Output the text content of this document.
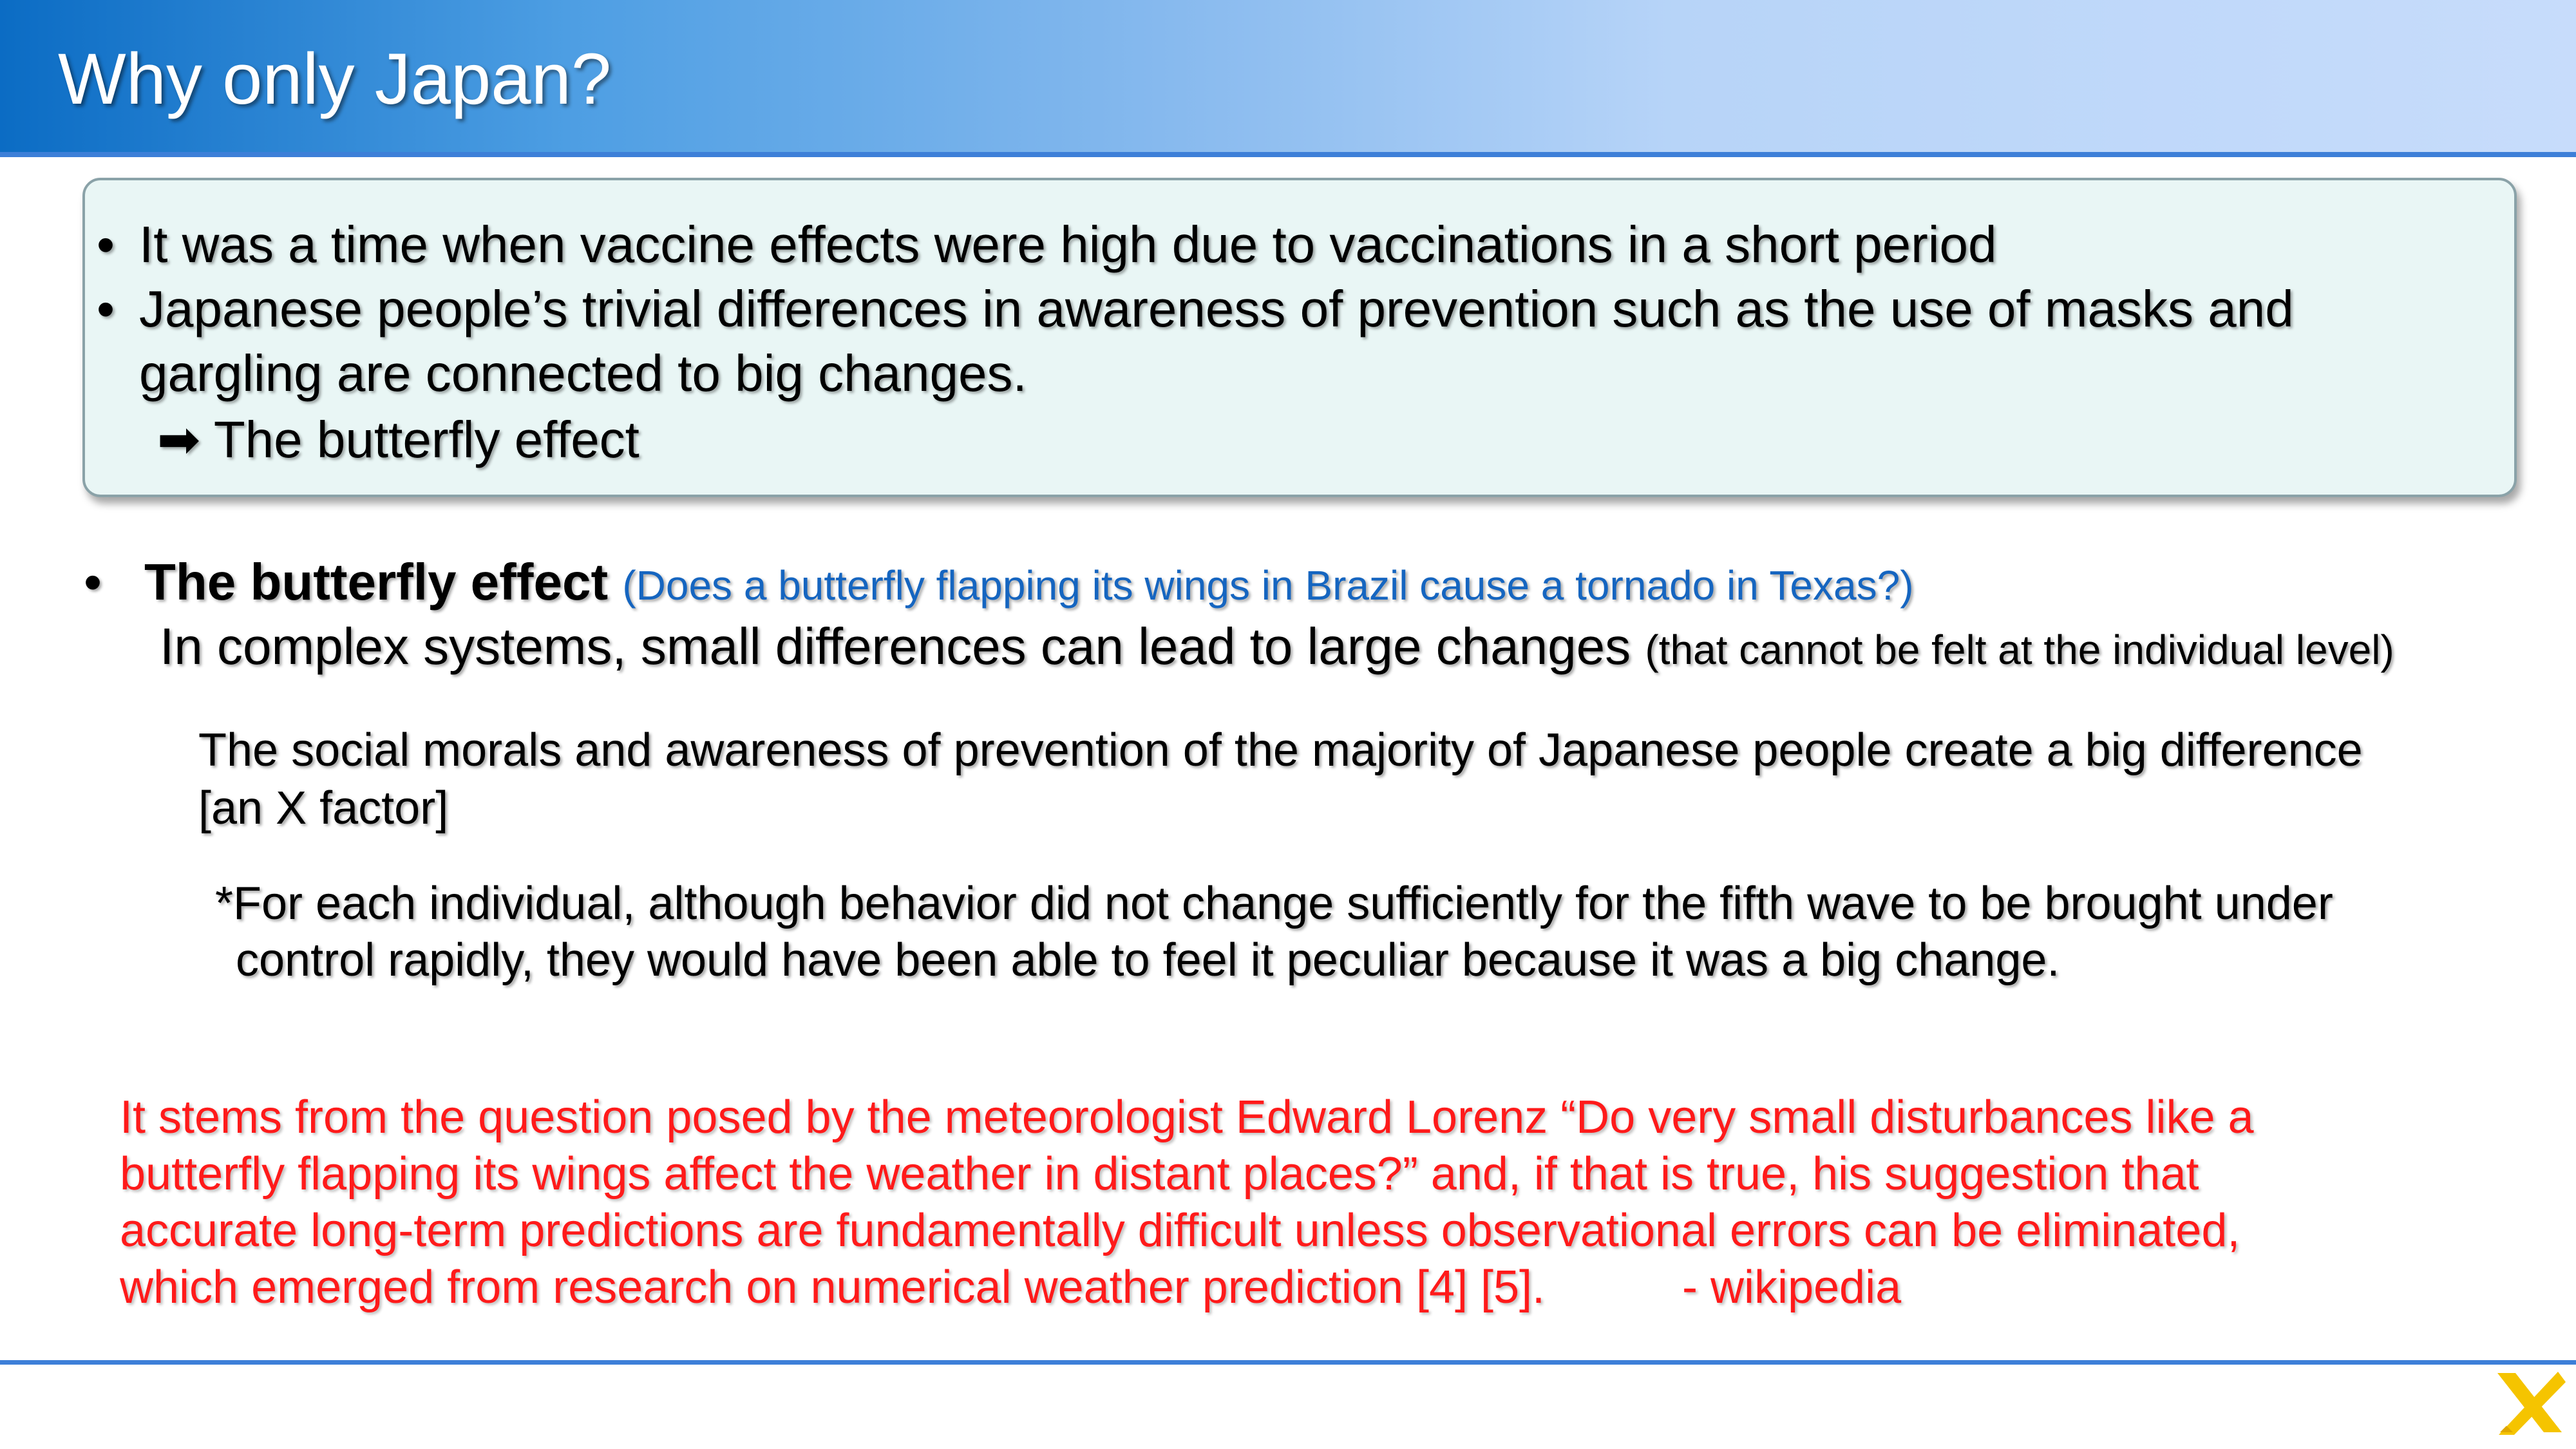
Why only Japan?
• It was a time when vaccine effects were high due to vaccinations in a short period
• Japanese people’s trivial differences in awareness of prevention such as the use of masks and
gargling are connected to big changes.
➡ The butterfly effect
• The butterfly effect (Does a butterfly flapping its wings in Brazil cause a tornado in Texas?)
In complex systems, small differences can lead to large changes (that cannot be felt at the individual level)
The social morals and awareness of prevention of the majority of Japanese people create a big difference
[an X factor]
*For each individual, although behavior did not change sufficiently for the fifth wave to be brought under
control rapidly, they would have been able to feel it peculiar because it was a big change.
It stems from the question posed by the meteorologist Edward Lorenz “Do very small disturbances like a
butterfly flapping its wings affect the weather in distant places?” and, if that is true, his suggestion that
accurate long-term predictions are fundamentally difficult unless observational errors can be eliminated,
which emerged from research on numerical weather prediction [4] [5].	- wikipedia
